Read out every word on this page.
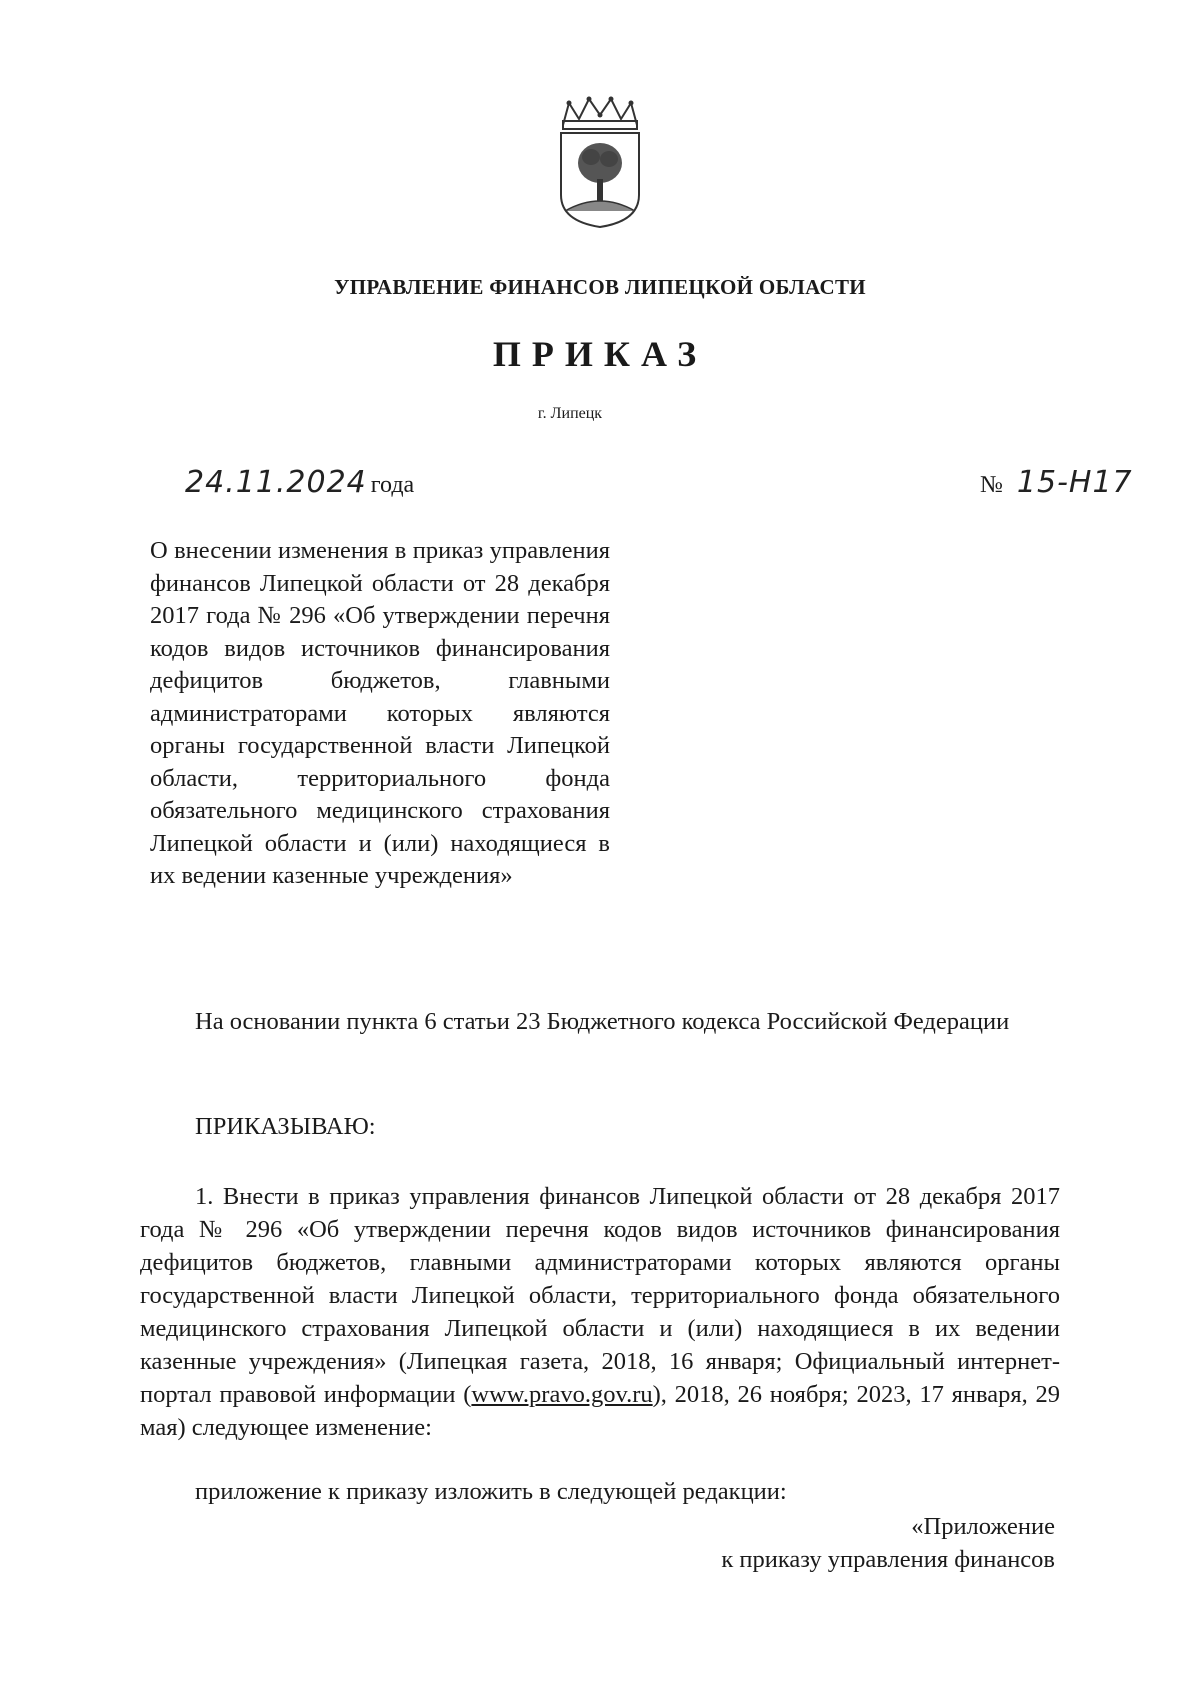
УПРАВЛЕНИЕ ФИНАНСОВ ЛИПЕЦКОЙ ОБЛАСТИ
ПРИКАЗ
г. Липецк
24.11.2024 года	№ 15-Н17
О внесении изменения в приказ управления финансов Липецкой области от 28 декабря 2017 года № 296 «Об утверждении перечня кодов видов источников финансирования дефицитов бюджетов, главными администраторами которых являются органы государственной власти Липецкой области, территориального фонда обязательного медицинского страхования Липецкой области и (или) находящиеся в их ведении казенные учреждения»
На основании пункта 6 статьи 23 Бюджетного кодекса Российской Федерации
ПРИКАЗЫВАЮ:
1. Внести в приказ управления финансов Липецкой области от 28 декабря 2017 года № 296 «Об утверждении перечня кодов видов источников финансирования дефицитов бюджетов, главными администраторами которых являются органы государственной власти Липецкой области, территориального фонда обязательного медицинского страхования Липецкой области и (или) находящиеся в их ведении казенные учреждения» (Липецкая газета, 2018, 16 января; Официальный интернет-портал правовой информации (www.pravo.gov.ru), 2018, 26 ноября; 2023, 17 января, 29 мая) следующее изменение:
приложение к приказу изложить в следующей редакции:
«Приложение
к приказу управления финансов
